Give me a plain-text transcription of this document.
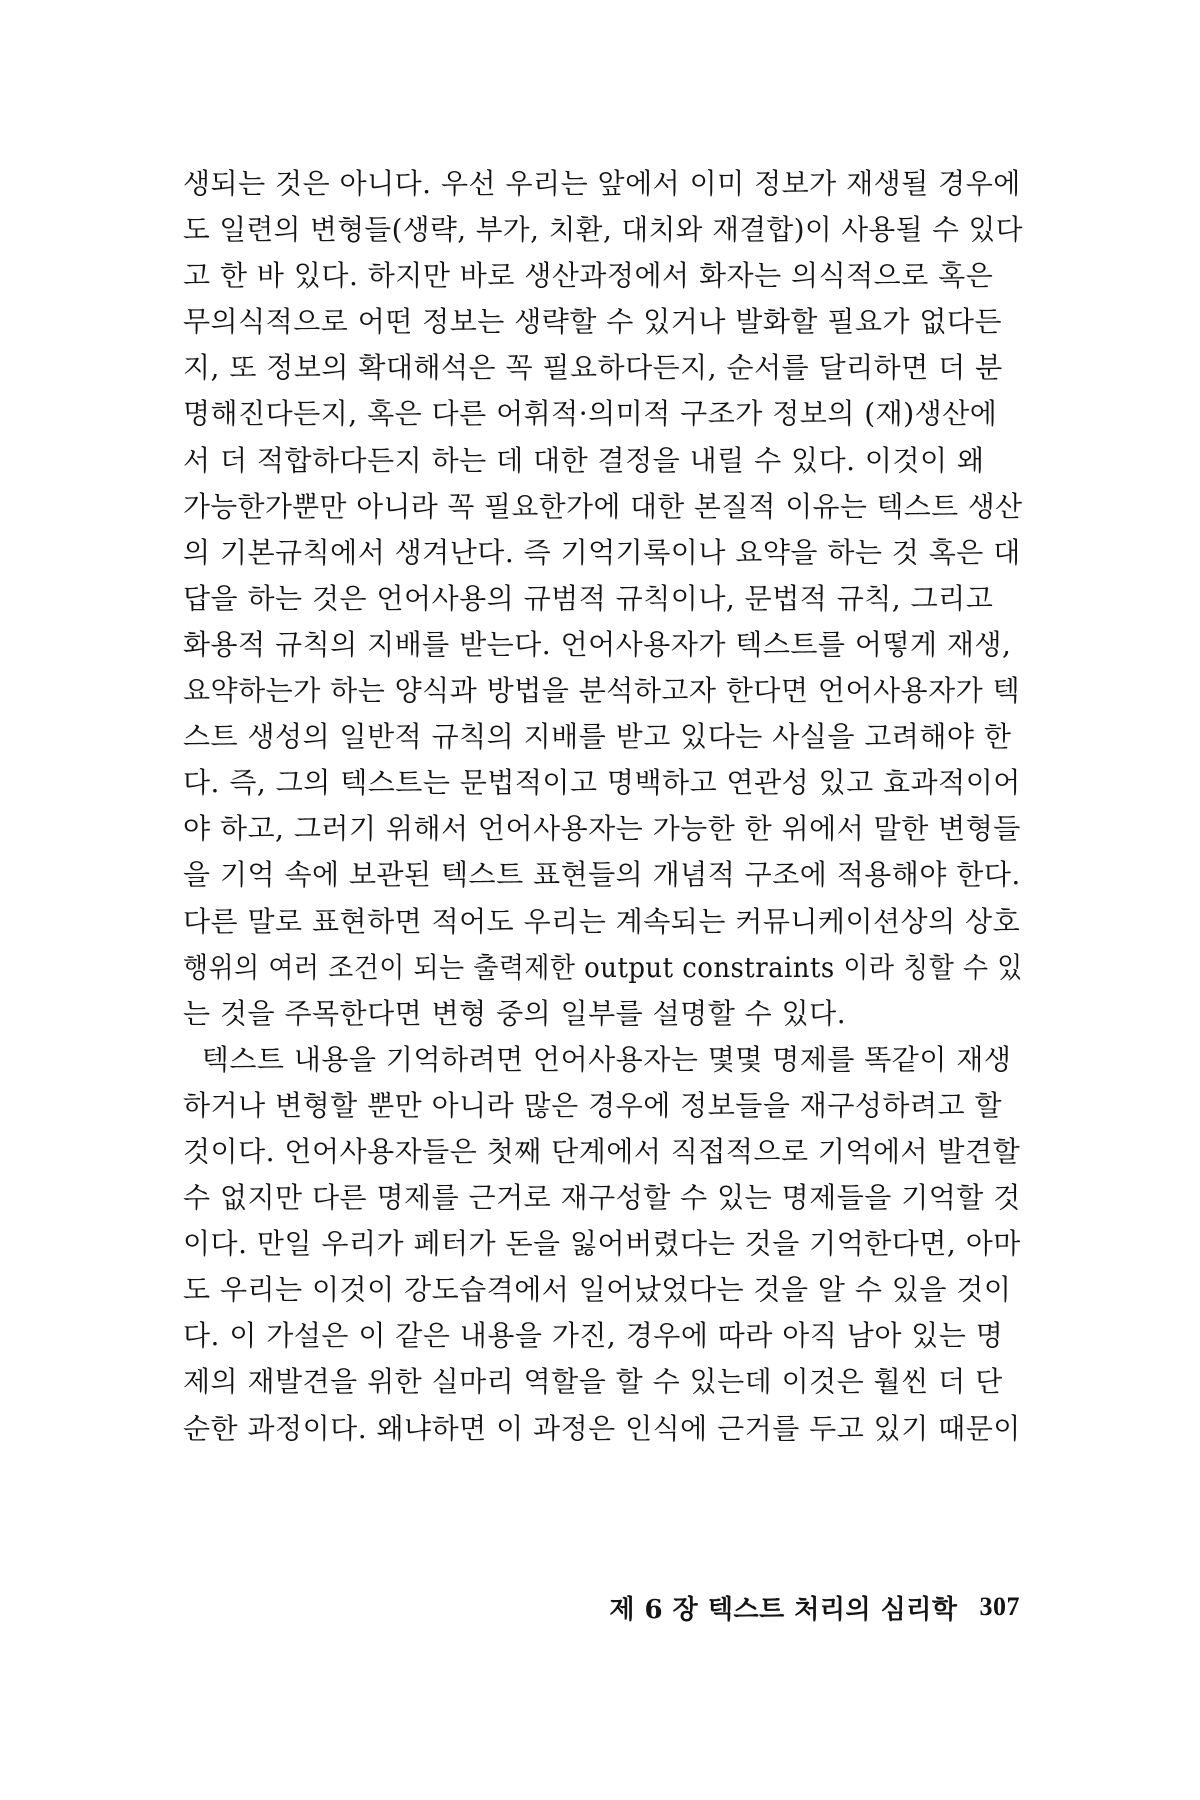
생되는 것은 아니다. 우선 우리는 앞에서 이미 정보가 재생될 경우에
도 일련의 변형들(생략, 부가, 치환, 대치와 재결합)이 사용될 수 있다
고 한 바 있다. 하지만 바로 생산과정에서 화자는 의식적으로 혹은
무의식적으로 어떤 정보는 생략할 수 있거나 발화할 필요가 없다든
지, 또 정보의 확대해석은 꼭 필요하다든지, 순서를 달리하면 더 분
명해진다든지, 혹은 다른 어휘적·의미적 구조가 정보의 (재)생산에
서 더 적합하다든지 하는 데 대한 결정을 내릴 수 있다. 이것이 왜
가능한가뿐만 아니라 꼭 필요한가에 대한 본질적 이유는 텍스트 생산
의 기본규칙에서 생겨난다. 즉 기억기록이나 요약을 하는 것 혹은 대
답을 하는 것은 언어사용의 규범적 규칙이나, 문법적 규칙, 그리고
화용적 규칙의 지배를 받는다. 언어사용자가 텍스트를 어떻게 재생,
요약하는가 하는 양식과 방법을 분석하고자 한다면 언어사용자가 텍
스트 생성의 일반적 규칙의 지배를 받고 있다는 사실을 고려해야 한
다. 즉, 그의 텍스트는 문법적이고 명백하고 연관성 있고 효과적이어
야 하고, 그러기 위해서 언어사용자는 가능한 한 위에서 말한 변형들
을 기억 속에 보관된 텍스트 표현들의 개념적 구조에 적용해야 한다.
다른 말로 표현하면 적어도 우리는 계속되는 커뮤니케이션상의 상호
행위의 여러 조건이 되는 출력제한 output constraints 이라 칭할 수 있
는 것을 주목한다면 변형 중의 일부를 설명할 수 있다.
텍스트 내용을 기억하려면 언어사용자는 몇몇 명제를 똑같이 재생
하거나 변형할 뿐만 아니라 많은 경우에 정보들을 재구성하려고 할
것이다. 언어사용자들은 첫째 단계에서 직접적으로 기억에서 발견할
수 없지만 다른 명제를 근거로 재구성할 수 있는 명제들을 기억할 것
이다. 만일 우리가 페터가 돈을 잃어버렸다는 것을 기억한다면, 아마
도 우리는 이것이 강도습격에서 일어났었다는 것을 알 수 있을 것이
다. 이 가설은 이 같은 내용을 가진, 경우에 따라 아직 남아 있는 명
제의 재발견을 위한 실마리 역할을 할 수 있는데 이것은 훨씬 더 단
순한 과정이다. 왜냐하면 이 과정은 인식에 근거를 두고 있기 때문이
제 6 장 텍스트 처리의 심리학 307
